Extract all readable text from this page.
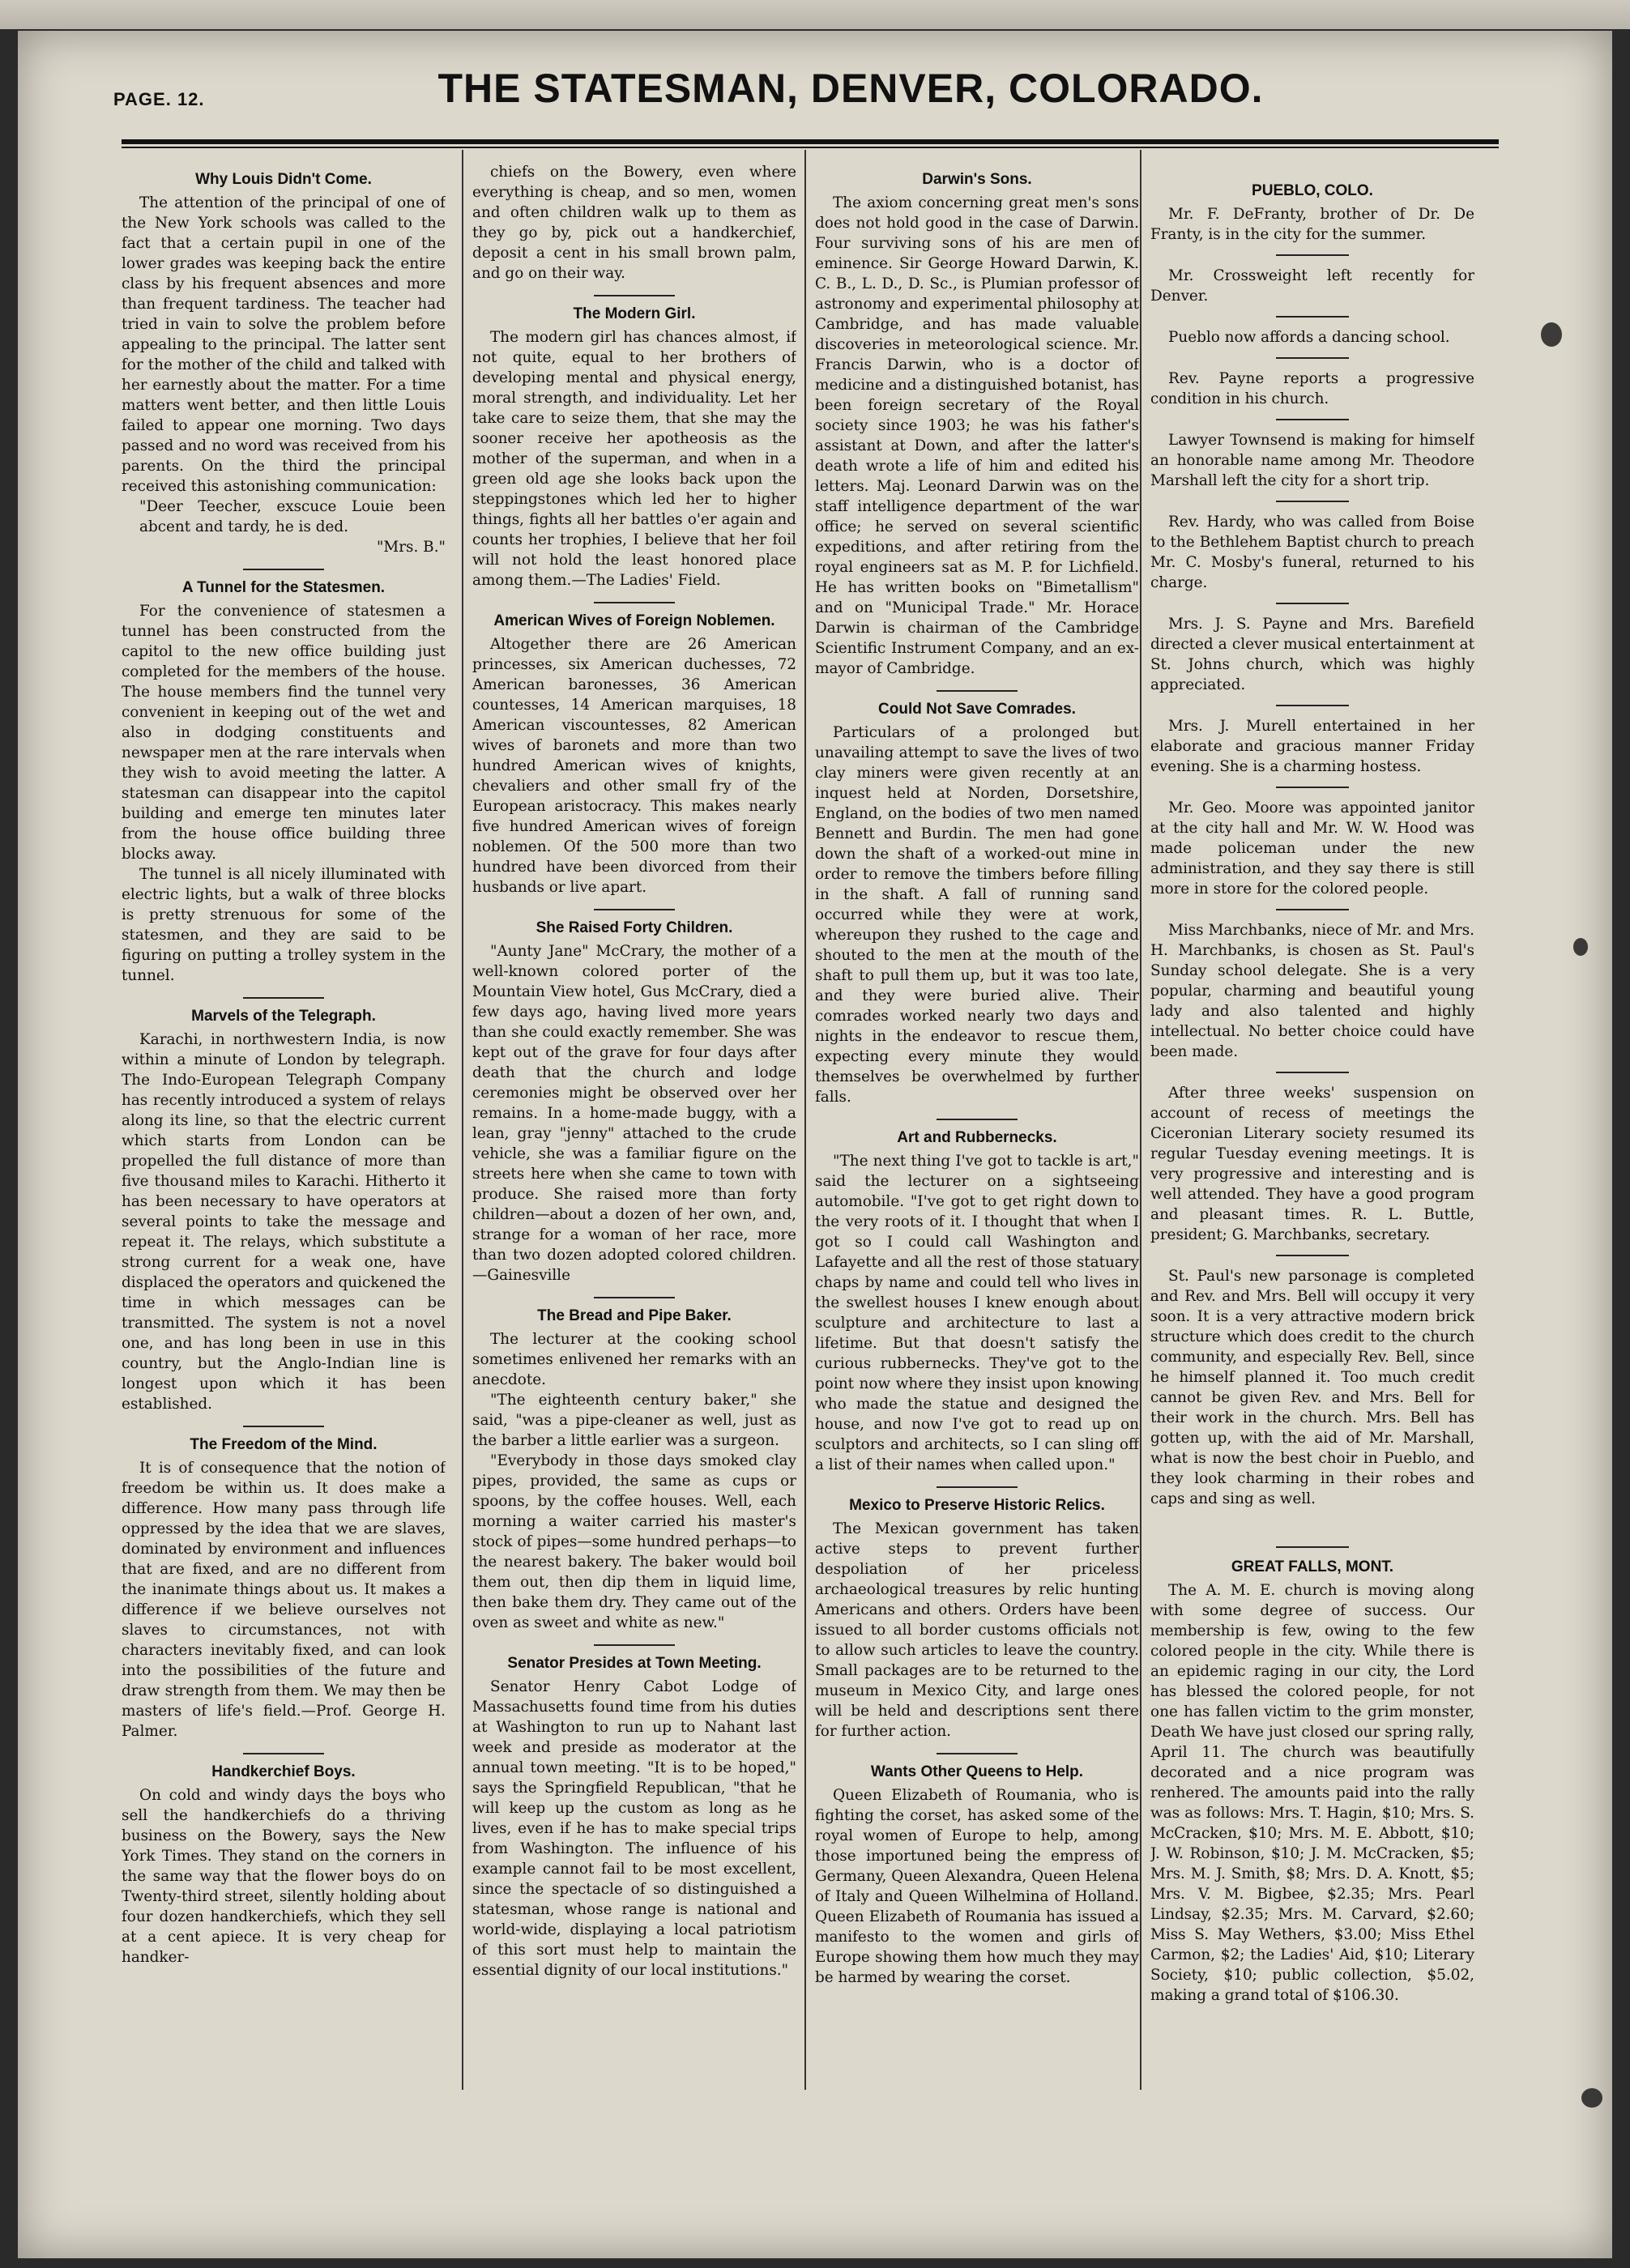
PAGE. 12.	THE STATESMAN, DENVER, COLORADO.
Why Louis Didn't Come.

The attention of the principal of one of the New York schools was called to the fact that a certain pupil in one of the lower grades was keeping back the entire class by his frequent absences and more than frequent tardiness. The teacher had tried in vain to solve the problem before appealing to the principal. The latter sent for the mother of the child and talked with her earnestly about the matter. For a time matters went better, and then little Louis failed to appear one morning. Two days passed and no word was received from his parents. On the third the principal received this astonishing communication:

"Deer Teecher, exscuce Louie been abcent and tardy, he is ded.

"Mrs. B."

A Tunnel for the Statesmen.

For the convenience of statesmen a tunnel has been constructed from the capitol to the new office building just completed for the members of the house. The house members find the tunnel very convenient in keeping out of the wet and also in dodging constituents and newspaper men at the rare intervals when they wish to avoid meeting the latter. A statesman can disappear into the capitol building and emerge ten minutes later from the house office building three blocks away.

The tunnel is all nicely illuminated with electric lights, but a walk of three blocks is pretty strenuous for some of the statesmen, and they are said to be figuring on putting a trolley system in the tunnel.

Marvels of the Telegraph.

Karachi, in northwestern India, is now within a minute of London by telegraph. The Indo-European Telegraph Company has recently introduced a system of relays along its line, so that the electric current which starts from London can be propelled the full distance of more than five thousand miles to Karachi. Hitherto it has been necessary to have operators at several points to take the message and repeat it. The relays, which substitute a strong current for a weak one, have displaced the operators and quickened the time in which messages can be transmitted. The system is not a novel one, and has long been in use in this country, but the Anglo-Indian line is longest upon which it has been established.

The Freedom of the Mind.

It is of consequence that the notion of freedom be within us. It does make a difference. How many pass through life oppressed by the idea that we are slaves, dominated by environment and influences that are fixed, and are no different from the inanimate things about us. It makes a difference if we believe ourselves not slaves to circumstances, not with characters inevitably fixed, and can look into the possibilities of the future and draw strength from them. We may then be masters of life's field.—Prof. George H. Palmer.

Handkerchief Boys.

On cold and windy days the boys who sell the handkerchiefs do a thriving business on the Bowery, says the New York Times. They stand on the corners in the same way that the flower boys do on Twenty-third street, silently holding about four dozen handkerchiefs, which they sell at a cent apiece. It is very cheap for handker-

chiefs on the Bowery, even where everything is cheap, and so men, women and often children walk up to them as they go by, pick out a handkerchief, deposit a cent in his small brown palm, and go on their way.

The Modern Girl.

The modern girl has chances almost, if not quite, equal to her brothers of developing mental and physical energy, moral strength, and individuality. Let her take care to seize them, that she may the sooner receive her apotheosis as the mother of the superman, and when in a green old age she looks back upon the steppingstones which led her to higher things, fights all her battles o'er again and counts her trophies, I believe that her foil will not hold the least honored place among them.—The Ladies' Field.

American Wives of Foreign Noblemen.

Altogether there are 26 American princesses, six American duchesses, 72 American baronesses, 36 American countesses, 14 American marquises, 18 American viscountesses, 82 American wives of baronets and more than two hundred American wives of knights, chevaliers and other small fry of the European aristocracy. This makes nearly five hundred American wives of foreign noblemen. Of the 500 more than two hundred have been divorced from their husbands or live apart.

She Raised Forty Children.

"Aunty Jane" McCrary, the mother of a well-known colored porter of the Mountain View hotel, Gus McCrary, died a few days ago, having lived more years than she could exactly remember. She was kept out of the grave for four days after death that the church and lodge ceremonies might be observed over her remains. In a home-made buggy, with a lean, gray "jenny" attached to the crude vehicle, she was a familiar figure on the streets here when she came to town with produce. She raised more than forty children—about a dozen of her own, and, strange for a woman of her race, more than two dozen adopted colored children.—Gainesville

The Bread and Pipe Baker.

The lecturer at the cooking school sometimes enlivened her remarks with an anecdote.

"The eighteenth century baker," she said, "was a pipe-cleaner as well, just as the barber a little earlier was a surgeon.

"Everybody in those days smoked clay pipes, provided, the same as cups or spoons, by the coffee houses. Well, each morning a waiter carried his master's stock of pipes—some hundred perhaps—to the nearest bakery. The baker would boil them out, then dip them in liquid lime, then bake them dry. They came out of the oven as sweet and white as new."

Senator Presides at Town Meeting.

Senator Henry Cabot Lodge of Massachusetts found time from his duties at Washington to run up to Nahant last week and preside as moderator at the annual town meeting. "It is to be hoped," says the Springfield Republican, "that he will keep up the custom as long as he lives, even if he has to make special trips from Washington. The influence of his example cannot fail to be most excellent, since the spectacle of so distinguished a statesman, whose range is national and world-wide, displaying a local patriotism of this sort must help to maintain the essential dignity of our local institutions."

Darwin's Sons.

The axiom concerning great men's sons does not hold good in the case of Darwin. Four surviving sons of his are men of eminence. Sir George Howard Darwin, K. C. B., L. D., D. Sc., is Plumian professor of astronomy and experimental philosophy at Cambridge, and has made valuable discoveries in meteorological science. Mr. Francis Darwin, who is a doctor of medicine and a distinguished botanist, has been foreign secretary of the Royal society since 1903; he was his father's assistant at Down, and after the latter's death wrote a life of him and edited his letters. Maj. Leonard Darwin was on the staff intelligence department of the war office; he served on several scientific expeditions, and after retiring from the royal engineers sat as M. P. for Lichfield. He has written books on "Bimetallism" and on "Municipal Trade." Mr. Horace Darwin is chairman of the Cambridge Scientific Instrument Company, and an ex-mayor of Cambridge.

Could Not Save Comrades.

Particulars of a prolonged but unavailing attempt to save the lives of two clay miners were given recently at an inquest held at Norden, Dorsetshire, England, on the bodies of two men named Bennett and Burdin. The men had gone down the shaft of a worked-out mine in order to remove the timbers before filling in the shaft. A fall of running sand occurred while they were at work, whereupon they rushed to the cage and shouted to the men at the mouth of the shaft to pull them up, but it was too late, and they were buried alive. Their comrades worked nearly two days and nights in the endeavor to rescue them, expecting every minute they would themselves be overwhelmed by further falls.

Art and Rubbernecks.

"The next thing I've got to tackle is art," said the lecturer on a sightseeing automobile. "I've got to get right down to the very roots of it. I thought that when I got so I could call Washington and Lafayette and all the rest of those statuary chaps by name and could tell who lives in the swellest houses I knew enough about sculpture and architecture to last a lifetime. But that doesn't satisfy the curious rubbernecks. They've got to the point now where they insist upon knowing who made the statue and designed the house, and now I've got to read up on sculptors and architects, so I can sling off a list of their names when called upon."

Mexico to Preserve Historic Relics.

The Mexican government has taken active steps to prevent further despoliation of her priceless archaeological treasures by relic hunting Americans and others. Orders have been issued to all border customs officials not to allow such articles to leave the country. Small packages are to be returned to the museum in Mexico City, and large ones will be held and descriptions sent there for further action.

Wants Other Queens to Help.

Queen Elizabeth of Roumania, who is fighting the corset, has asked some of the royal women of Europe to help, among those importuned being the empress of Germany, Queen Alexandra, Queen Helena of Italy and Queen Wilhelmina of Holland. Queen Elizabeth of Roumania has issued a manifesto to the women and girls of Europe showing them how much they may be harmed by wearing the corset.

PUEBLO, COLO.

Mr. F. DeFranty, brother of Dr. De Franty, is in the city for the summer.

Mr. Crossweight left recently for Denver.

Pueblo now affords a dancing school.

Rev. Payne reports a progressive condition in his church.

Lawyer Townsend is making for himself an honorable name among Mr. Theodore Marshall left the city for a short trip.

Rev. Hardy, who was called from Boise to the Bethlehem Baptist church to preach Mr. C. Mosby's funeral, returned to his charge.

Mrs. J. S. Payne and Mrs. Barefield directed a clever musical entertainment at St. Johns church, which was highly appreciated.

Mrs. J. Murell entertained in her elaborate and gracious manner Friday evening. She is a charming hostess.

Mr. Geo. Moore was appointed janitor at the city hall and Mr. W. W. Hood was made policeman under the new administration, and they say there is still more in store for the colored people.

Miss Marchbanks, niece of Mr. and Mrs. H. Marchbanks, is chosen as St. Paul's Sunday school delegate. She is a very popular, charming and beautiful young lady and also talented and highly intellectual. No better choice could have been made.

After three weeks' suspension on account of recess of meetings the Ciceronian Literary society resumed its regular Tuesday evening meetings. It is very progressive and interesting and is well attended. They have a good program and pleasant times. R. L. Buttle, president; G. Marchbanks, secretary.

St. Paul's new parsonage is completed and Rev. and Mrs. Bell will occupy it very soon. It is a very attractive modern brick structure which does credit to the church community, and especially Rev. Bell, since he himself planned it. Too much credit cannot be given Rev. and Mrs. Bell for their work in the church. Mrs. Bell has gotten up, with the aid of Mr. Marshall, what is now the best choir in Pueblo, and they look charming in their robes and caps and sing as well.

GREAT FALLS, MONT.

The A. M. E. church is moving along with some degree of success. Our membership is few, owing to the few colored people in the city. While there is an epidemic raging in our city, the Lord has blessed the colored people, for not one has fallen victim to the grim monster, Death We have just closed our spring rally, April 11. The church was beautifully decorated and a nice program was renhered. The amounts paid into the rally was as follows: Mrs. T. Hagin, $10; Mrs. S. McCracken, $10; Mrs. M. E. Abbott, $10; J. W. Robinson, $10; J. M. McCracken, $5; Mrs. M. J. Smith, $8; Mrs. D. A. Knott, $5; Mrs. V. M. Bigbee, $2.35; Mrs. Pearl Lindsay, $2.35; Mrs. M. Carvard, $2.60; Miss S. May Wethers, $3.00; Miss Ethel Carmon, $2; the Ladies' Aid, $10; Literary Society, $10; public collection, $5.02, making a grand total of $106.30.
